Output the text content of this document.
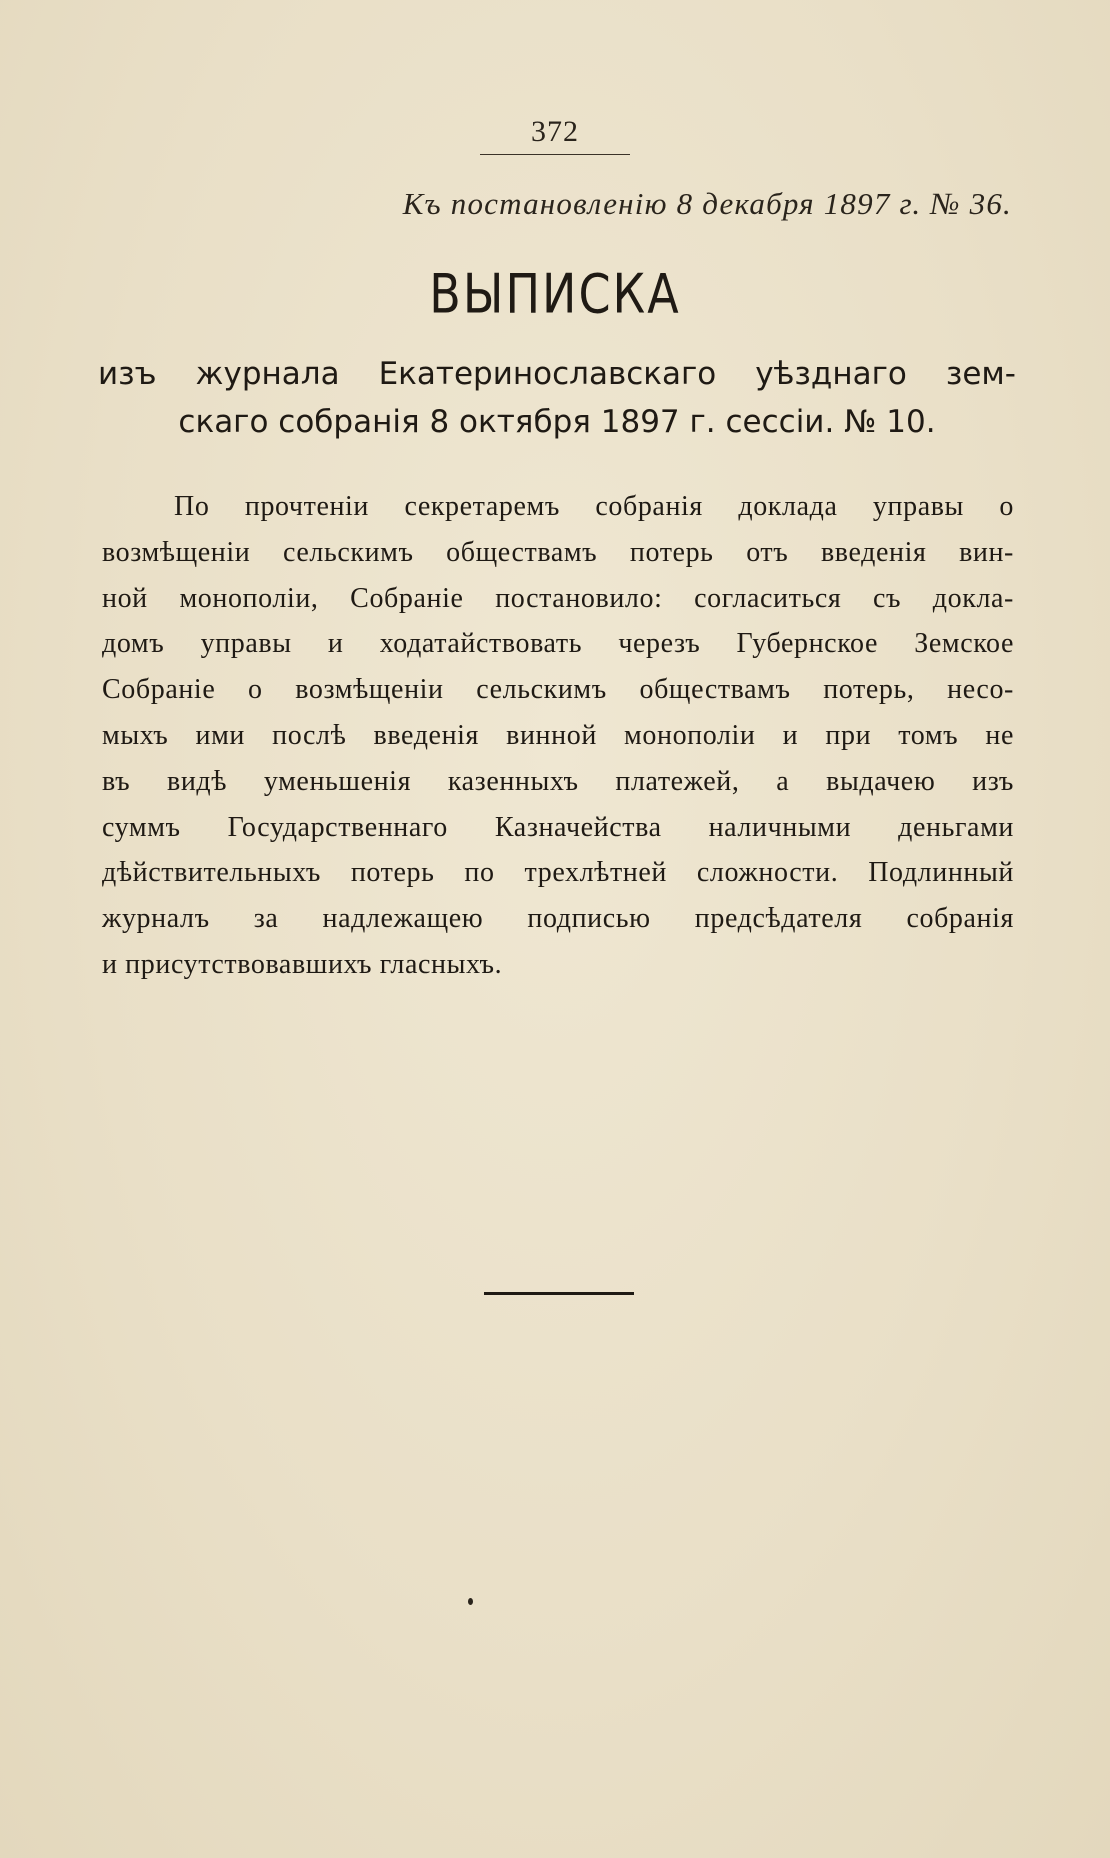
372
Къ постановленію 8 декабря 1897 г. № 36.
ВЫПИСКА
изъ журнала Екатеринославскаго уѣзднаго зем-
скаго собранія 8 октября 1897 г. сессіи. № 10.
По прочтеніи секретаремъ собранія доклада управы о
возмѣщеніи сельскимъ обществамъ потерь отъ введенія вин-
ной монополіи, Собраніе постановило: согласиться съ докла-
домъ управы и ходатайствовать черезъ Губернское Земское
Собраніе о возмѣщеніи сельскимъ обществамъ потерь, несо-
мыхъ ими послѣ введенія винной монополіи и при томъ не
въ видѣ уменьшенія казенныхъ платежей, а выдачею изъ
суммъ Государственнаго Казначейства наличными деньгами
дѣйствительныхъ потерь по трехлѣтней сложности. Подлинный
журналъ за надлежащею подписью предсѣдателя собранія
и присутствовавшихъ гласныхъ.
